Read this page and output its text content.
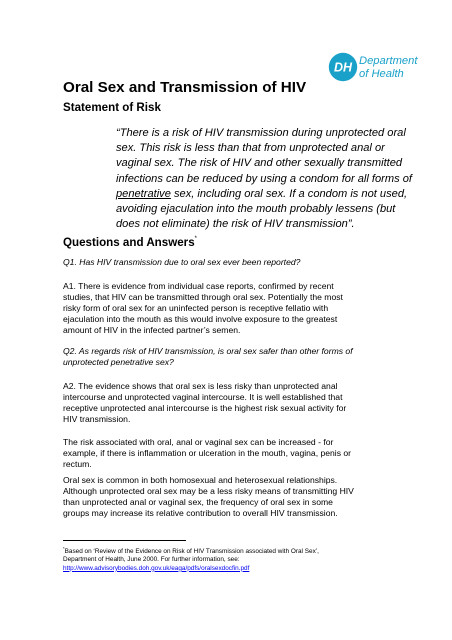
DH Department
of Health
Oral Sex and Transmission of HIV
Statement of Risk
“There is a risk of HIV transmission during unprotected oral
sex. This risk is less than that from unprotected anal or
vaginal sex. The risk of HIV and other sexually transmitted
infections can be reduced by using a condom for all forms of
penetrative sex, including oral sex. If a condom is not used,
avoiding ejaculation into the mouth probably lessens (but
does not eliminate) the risk of HIV transmission”.
Questions and Answers*
Q1. Has HIV transmission due to oral sex ever been reported?
A1. There is evidence from individual case reports, confirmed by recent
studies, that HIV can be transmitted through oral sex. Potentially the most
risky form of oral sex for an uninfected person is receptive fellatio with
ejaculation into the mouth as this would involve exposure to the greatest
amount of HIV in the infected partner’s semen.
Q2. As regards risk of HIV transmission, is oral sex safer than other forms of
unprotected penetrative sex?
A2. The evidence shows that oral sex is less risky than unprotected anal
intercourse and unprotected vaginal intercourse. It is well established that
receptive unprotected anal intercourse is the highest risk sexual activity for
HIV transmission.
The risk associated with oral, anal or vaginal sex can be increased - for
example, if there is inflammation or ulceration in the mouth, vagina, penis or
rectum.
Oral sex is common in both homosexual and heterosexual relationships.
Although unprotected oral sex may be a less risky means of transmitting HIV
than unprotected anal or vaginal sex, the frequency of oral sex in some
groups may increase its relative contribution to overall HIV transmission.
*Based on ‘Review of the Evidence on Risk of HIV Transmission associated with Oral Sex’,
Department of Health, June 2000. For further information, see:
http://www.advisorybodies.doh.gov.uk/eaga/pdfs/oralsexdocfin.pdf
